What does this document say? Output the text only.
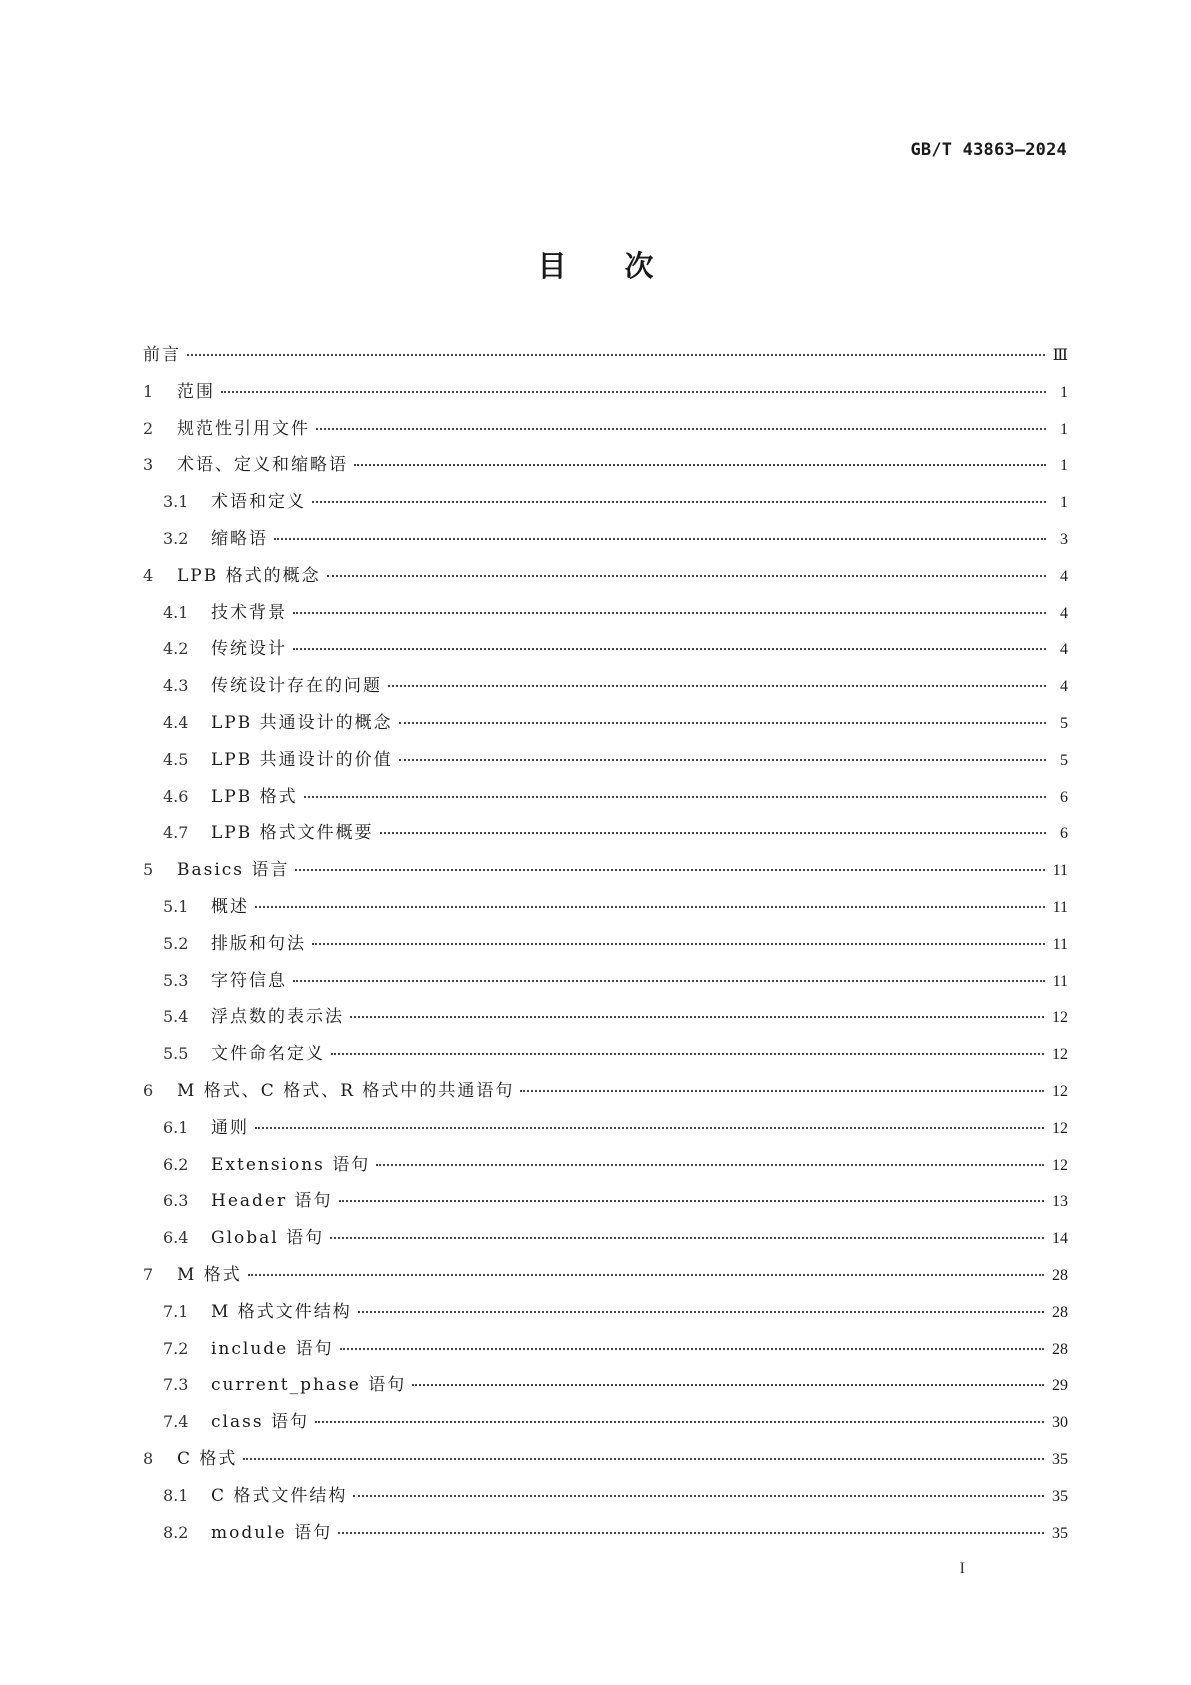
GB/T 43863—2024
目次
前言	Ⅲ
1	范围	1
2	规范性引用文件	1
3	术语、定义和缩略语	1
3.1	术语和定义	1
3.2	缩略语	3
4	LPB 格式的概念	4
4.1	技术背景	4
4.2	传统设计	4
4.3	传统设计存在的问题	4
4.4	LPB 共通设计的概念	5
4.5	LPB 共通设计的价值	5
4.6	LPB 格式	6
4.7	LPB 格式文件概要	6
5	Basics 语言	11
5.1	概述	11
5.2	排版和句法	11
5.3	字符信息	11
5.4	浮点数的表示法	12
5.5	文件命名定义	12
6	M 格式、C 格式、R 格式中的共通语句	12
6.1	通则	12
6.2	Extensions 语句	12
6.3	Header 语句	13
6.4	Global 语句	14
7	M 格式	28
7.1	M 格式文件结构	28
7.2	include 语句	28
7.3	current_phase 语句	29
7.4	class 语句	30
8	C 格式	35
8.1	C 格式文件结构	35
8.2	module 语句	35
I
